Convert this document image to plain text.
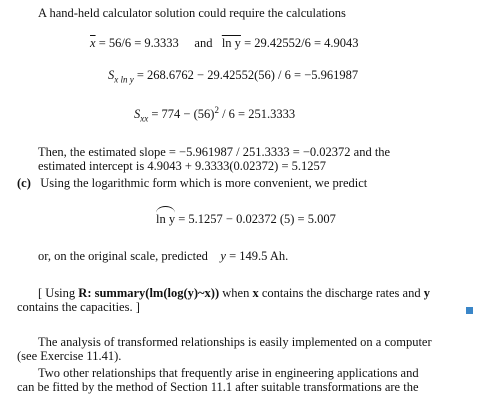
A hand-held calculator solution could require the calculations
$\overline{x} = 56/6 = 9.3333$ and ln y = 29.42552/6 = 4.9043
$S_{x ln y} = 268.6762 - 29.42552(56) / 6 = -5.961987$
$S_{xx} = 774 - (56)^2 / 6 = 251.3333$
Then, the estimated slope = −5.961987 / 251.3333 = −0.02372 and the
estimated intercept is 4.9043 + 9.3333(0.02372) = 5.1257
(c) Using the logarithmic form which is more convenient, we predict
ln y = 5.1257 − 0.02372 (5) = 5.007
or, on the original scale, predicted y = 149.5 Ah.
[ Using R: summary(lm(log(y)~x)) when x contains the discharge rates and y
contains the capacities. ]
The analysis of transformed relationships is easily implemented on a computer
(see Exercise 11.41).
Two other relationships that frequently arise in engineering applications and
can be fitted by the method of Section 11.1 after suitable transformations are the
